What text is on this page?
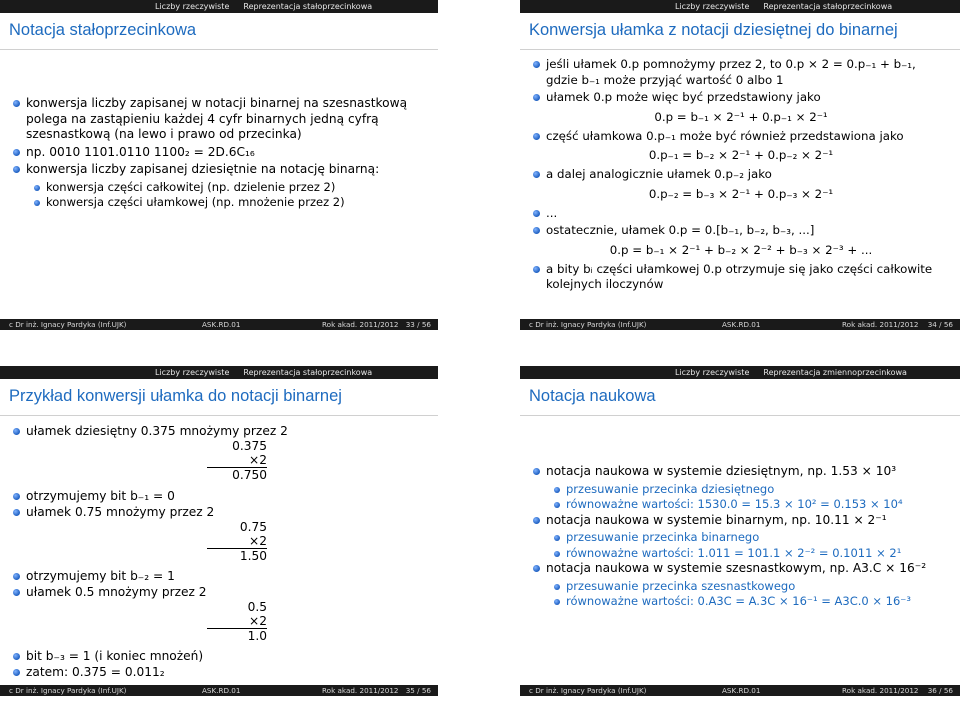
Liczby rzeczywiste Reprezentacja stałoprzecinkowa
Notacja stałoprzecinkowa
konwersja liczby zapisanej w notacji binarnej na szesnastkową polega na zastąpieniu każdej 4 cyfr binarnych jedną cyfrą szesnastkową (na lewo i prawo od przecinka)
np. 0010 1101.0110 1100₂ = 2D.6C₁₆
konwersja liczby zapisanej dziesiętnie na notację binarną:
konwersja części całkowitej (np. dzielenie przez 2)
konwersja części ułamkowej (np. mnożenie przez 2)
c Dr inż. Ignacy Pardyka (Inf.UJK)	ASK.RD.01	Rok akad. 2011/2012 33 / 56
Liczby rzeczywiste Reprezentacja stałoprzecinkowa
Konwersja ułamka z notacji dziesiętnej do binarnej
jeśli ułamek 0.p pomnożymy przez 2, to 0.p × 2 = 0.p₋₁ + b₋₁, gdzie b₋₁ może przyjąć wartość 0 albo 1
ułamek 0.p może więc być przedstawiony jako
0.p = b₋₁ × 2⁻¹ + 0.p₋₁ × 2⁻¹
część ułamkowa 0.p₋₁ może być również przedstawiona jako
0.p₋₁ = b₋₂ × 2⁻¹ + 0.p₋₂ × 2⁻¹
a dalej analogicznie ułamek 0.p₋₂ jako
0.p₋₂ = b₋₃ × 2⁻¹ + 0.p₋₃ × 2⁻¹
...
ostatecznie, ułamek 0.p = 0.[b₋₁, b₋₂, b₋₃, ...]
0.p = b₋₁ × 2⁻¹ + b₋₂ × 2⁻² + b₋₃ × 2⁻³ + ...
a bity bᵢ części ułamkowej 0.p otrzymuje się jako części całkowite kolejnych iloczynów
c Dr inż. Ignacy Pardyka (Inf.UJK)	ASK.RD.01	Rok akad. 2011/2012 34 / 56
Liczby rzeczywiste Reprezentacja stałoprzecinkowa
Przykład konwersji ułamka do notacji binarnej
ułamek dziesiętny 0.375 mnożymy przez 2
0.375
×2
0.750
otrzymujemy bit b₋₁ = 0
ułamek 0.75 mnożymy przez 2
0.75
×2
1.50
otrzymujemy bit b₋₂ = 1
ułamek 0.5 mnożymy przez 2
0.5
×2
1.0
bit b₋₃ = 1 (i koniec mnożeń)
zatem: 0.375 = 0.011₂
c Dr inż. Ignacy Pardyka (Inf.UJK)	ASK.RD.01	Rok akad. 2011/2012 35 / 56
Liczby rzeczywiste Reprezentacja zmiennoprzecinkowa
Notacja naukowa
notacja naukowa w systemie dziesiętnym, np. 1.53 × 10³
przesuwanie przecinka dziesiętnego
równoważne wartości: 1530.0 = 15.3 × 10² = 0.153 × 10⁴
notacja naukowa w systemie binarnym, np. 10.11 × 2⁻¹
przesuwanie przecinka binarnego
równoważne wartości: 1.011 = 101.1 × 2⁻² = 0.1011 × 2¹
notacja naukowa w systemie szesnastkowym, np. A3.C × 16⁻²
przesuwanie przecinka szesnastkowego
równoważne wartości: 0.A3C = A.3C × 16⁻¹ = A3C.0 × 16⁻³
c Dr inż. Ignacy Pardyka (Inf.UJK)	ASK.RD.01	Rok akad. 2011/2012 36 / 56
